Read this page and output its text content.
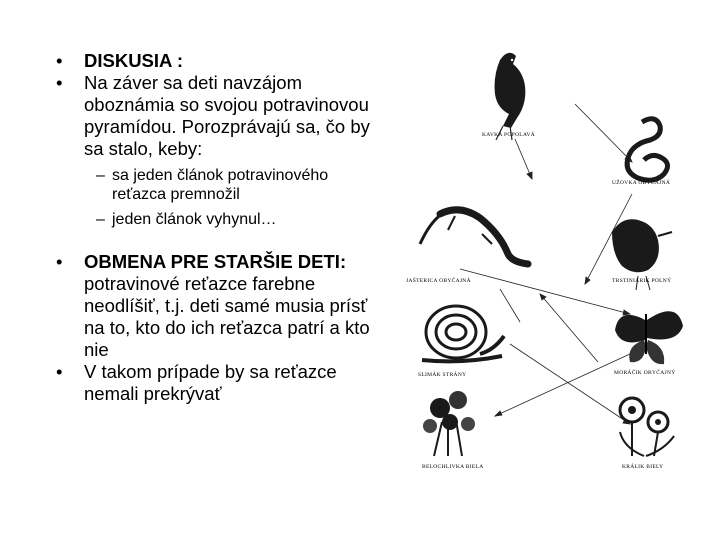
• DISKUSIA :

• Na záver sa deti navzájom oboznámia so svojou potravinovou pyramídou. Porozprávajú sa, čo by sa stalo, keby:

– sa jeden článok potravinového reťazca premnožil

– jeden článok vyhynul…

• OBMENA PRE STARŠIE DETI: potravinové reťazce farebne neodlíšiť, t.j. deti samé musia prísť na to, kto do ich reťazca patrí a kto nie

• V takom prípade by sa reťazce nemali prekrývať

KAVKA POPOLAVÁ
UŽOVKA OBYČAJNÁ
JAŠTERICA OBYČAJNÁ	TRSTINIARIK POLNÝ
SLIMÁK STRÁNY	MORÁČIK OBYČAJNÝ
BELOCHLIVKA BIELA	KRÁLIK BIELY
